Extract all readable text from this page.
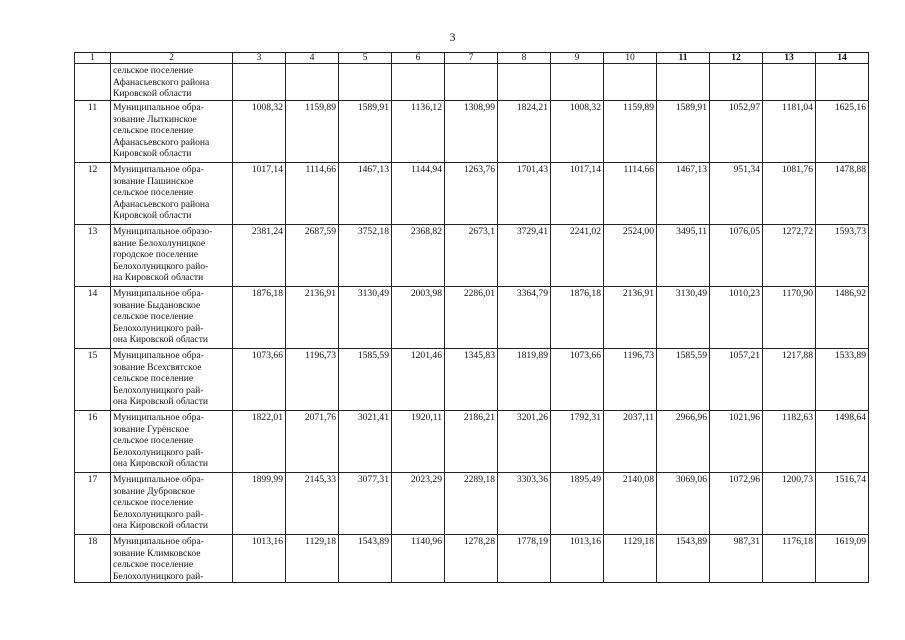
3
1	2	3	4	5	6	7	8	9	10	11	12	13	14
	сельское поселение
Афанасьевского района
Кировской области												
11	Муниципальное обра-
зование Лыткинское
сельское поселение
Афанасьевского района
Кировской области	1008,32	1159,89	1589,91	1136,12	1308,99	1824,21	1008,32	1159,89	1589,91	1052,97	1181,04	1625,16
12	Муниципальное обра-
зование Пашинское
сельское поселение
Афанасьевского района
Кировской области	1017,14	1114,66	1467,13	1144,94	1263,76	1701,43	1017,14	1114,66	1467,13	951,34	1081,76	1478,88
13	Муниципальное образо-
вание Белохолуницкое
городское поселение
Белохолуницкого райо-
на Кировской области	2381,24	2687,59	3752,18	2368,82	2673,1	3729,41	2241,02	2524,00	3495,11	1076,05	1272,72	1593,73
14	Муниципальное обра-
зование Быдановское
сельское поселение
Белохолуницкого рай-
она Кировской области	1876,18	2136,91	3130,49	2003,98	2286,01	3364,79	1876,18	2136,91	3130,49	1010,23	1170,90	1486,92
15	Муниципальное обра-
зование Всехсвятское
сельское поселение
Белохолуницкого рай-
она Кировской области	1073,66	1196,73	1585,59	1201,46	1345,83	1819,89	1073,66	1196,73	1585,59	1057,21	1217,88	1533,89
16	Муниципальное обра-
зование Гурёнское
сельское поселение
Белохолуницкого рай-
она Кировской области	1822,01	2071,76	3021,41	1920,11	2186,21	3201,26	1792,31	2037,11	2966,96	1021,96	1182,63	1498,64
17	Муниципальное обра-
зование Дубровское
сельское поселение
Белохолуницкого рай-
она Кировской области	1899,99	2145,33	3077,31	2023,29	2289,18	3303,36	1895,49	2140,08	3069,06	1072,96	1200,73	1516,74
18	Муниципальное обра-
зование Климковское
сельское поселение
Белохолуницкого рай-	1013,16	1129,18	1543,89	1140,96	1278,28	1778,19	1013,16	1129,18	1543,89	987,31	1176,18	1619,09
